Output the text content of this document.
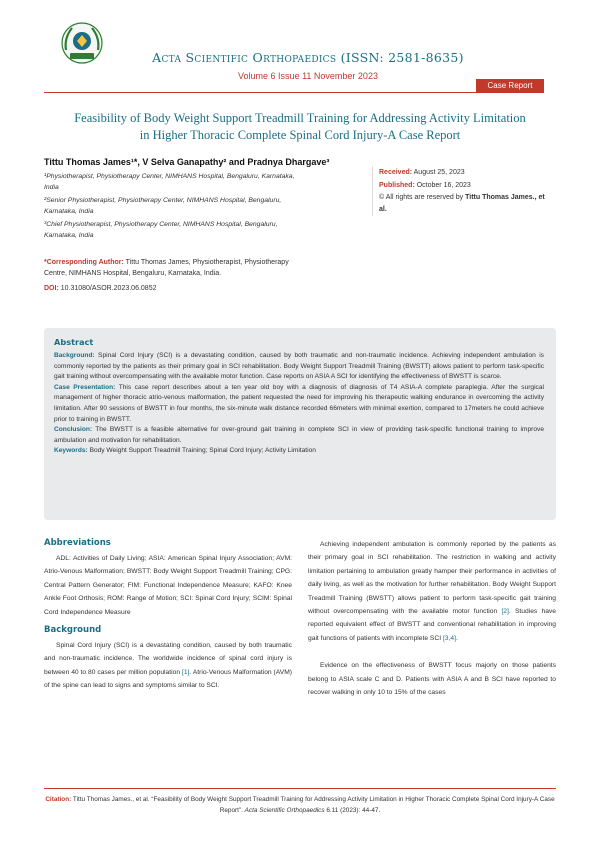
Acta Scientific Orthopaedics (ISSN: 2581-8635)
Volume 6 Issue 11 November 2023
Case Report
Feasibility of Body Weight Support Treadmill Training for Addressing Activity Limitation
in Higher Thoracic Complete Spinal Cord Injury-A Case Report
Tittu Thomas James¹*, V Selva Ganapathy² and Pradnya Dhargave³
¹Physiotherapist, Physiotherapy Center, NIMHANS Hospital, Bengaluru, Karnataka, India
²Senior Physiotherapist, Physiotherapy Center, NIMHANS Hospital, Bengaluru, Karnataka, India
³Chief Physiotherapist, Physiotherapy Center, NIMHANS Hospital, Bengaluru, Karnataka, India
*Corresponding Author: Tittu Thomas James, Physiotherapist, Physiotherapy Centre, NIMHANS Hospital, Bengaluru, Karnataka, India.
DOI: 10.31080/ASOR.2023.06.0852
Received: August 25, 2023
Published: October 16, 2023
© All rights are reserved by Tittu Thomas James., et al.
Abstract

Background: Spinal Cord Injury (SCI) is a devastating condition, caused by both traumatic and non-traumatic incidence. Achieving independent ambulation is commonly reported by the patients as their primary goal in SCI rehabilitation. Body Weight Support Treadmill Training (BWSTT) allows patient to perform task-specific gait training without overcompensating with the available motor function. Case reports on ASIA A SCI for identifying the effectiveness of BWSTT is scarce.

Case Presentation: This case report describes about a ten year old boy with a diagnosis of diagnosis of T4 ASIA-A complete paraplegia. After the surgical management of higher thoracic atrio-venous malformation, the patient requested the need for improving his therapeutic walking endurance in overcoming the activity limitation. After 90 sessions of BWSTT in four months, the six-minute walk distance recorded 66meters with minimal exertion, compared to 17meters he could achieve prior to training in BWSTT.

Conclusion: The BWSTT is a feasible alternative for over-ground gait training in complete SCI in view of providing task-specific functional training to improve ambulation and motivation for rehabilitation.

Keywords: Body Weight Support Treadmill Training; Spinal Cord Injury; Activity Limitation

Abbreviations

ADL: Activities of Daily Living; ASIA: American Spinal Injury Association; AVM: Atrio-Venous Malformation; BWSTT: Body Weight Support Treadmill Training; CPG: Central Pattern Generator; FIM: Functional Independence Measure; KAFO: Knee Ankle Foot Orthosis; ROM: Range of Motion; SCI: Spinal Cord Injury; SCIM: Spinal Cord Independence Measure

Background

Spinal Cord Injury (SCI) is a devastating condition, caused by both traumatic and non-traumatic incidence. The worldwide incidence of spinal cord injury is between 40 to 80 cases per million population [1]. Atrio-Venous Malformation (AVM) of the spine can lead to signs and symptoms similar to SCI.

Achieving independent ambulation is commonly reported by the patients as their primary goal in SCI rehabilitation. The restriction in walking and activity limitation pertaining to ambulation greatly hamper their performance in activities of daily living, as well as the motivation for further rehabilitation. Body Weight Support Treadmill Training (BWSTT) allows patient to perform task-specific gait training without overcompensating with the available motor function [2]. Studies have reported equivalent effect of BWSTT and conventional rehabilitation in improving gait functions of patients with incomplete SCI [3,4].

Evidence on the effectiveness of BWSTT focus majorly on those patients belong to ASIA scale C and D. Patients with ASIA A and B SCI have reported to recover walking in only 10 to 15% of the cases

Citation: Tittu Thomas James., et al. “Feasibility of Body Weight Support Treadmill Training for Addressing Activity Limitation in Higher Thoracic Complete Spinal Cord Injury-A Case Report”. Acta Scientific Orthopaedics 6.11 (2023): 44-47.
